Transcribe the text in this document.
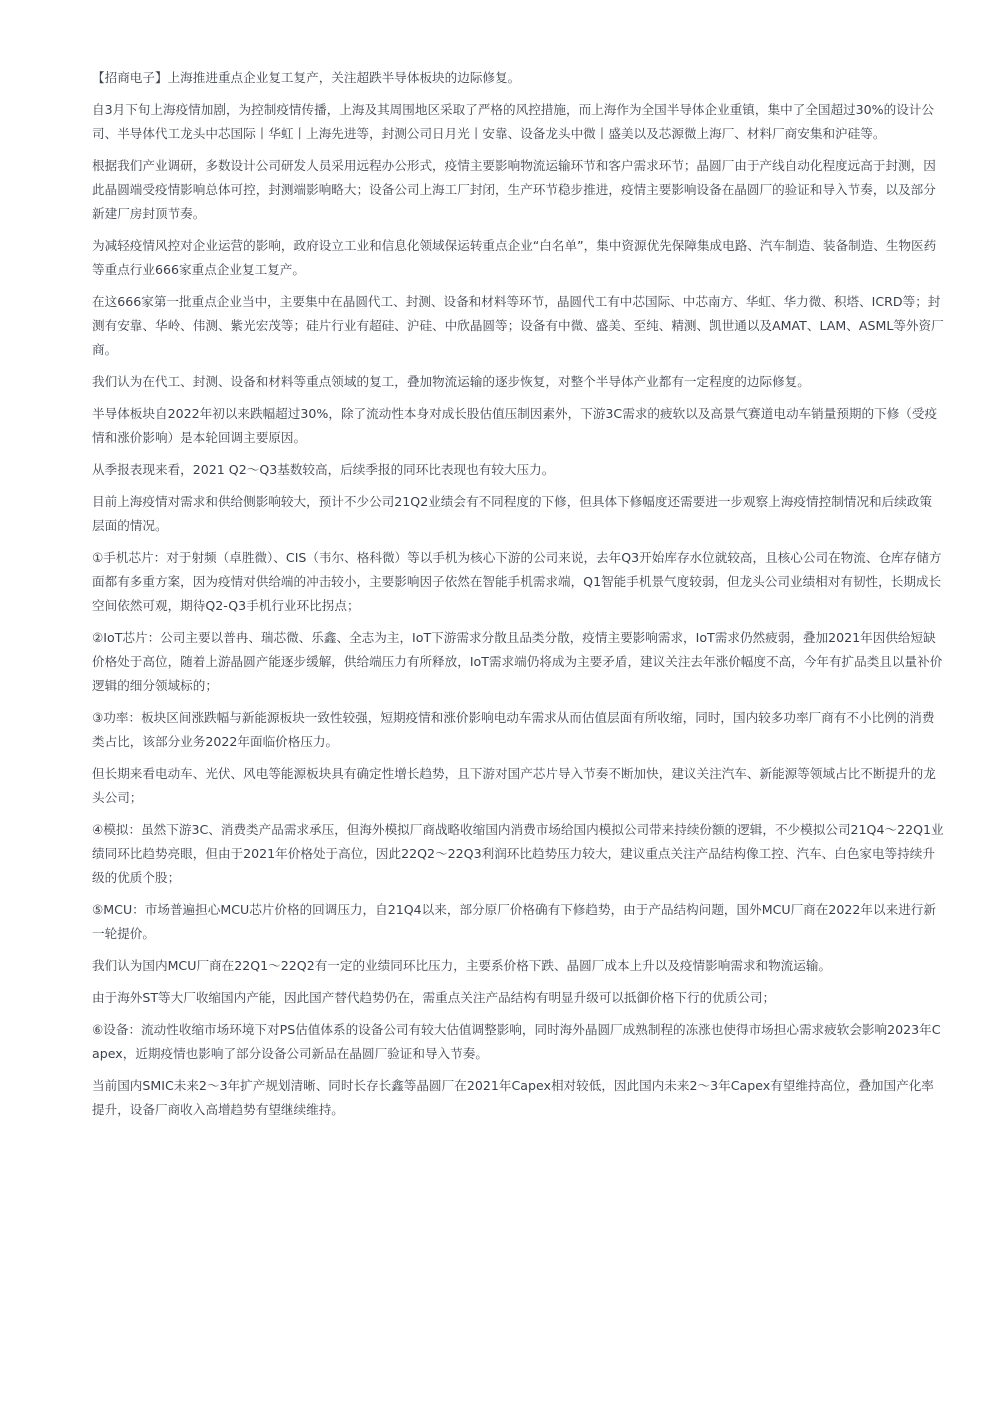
【招商电子】上海推进重点企业复工复产，关注超跌半导体板块的边际修复。

自3月下旬上海疫情加剧，为控制疫情传播，上海及其周围地区采取了严格的风控措施，而上海作为全国半导体企业重镇，集中了全国超过30%的设计公司、半导体代工龙头中芯国际丨华虹丨上海先进等，封测公司日月光丨安靠、设备龙头中微丨盛美以及芯源微上海厂、材料厂商安集和沪硅等。

根据我们产业调研，多数设计公司研发人员采用远程办公形式，疫情主要影响物流运输环节和客户需求环节；晶圆厂由于产线自动化程度远高于封测，因此晶圆端受疫情影响总体可控，封测端影响略大；设备公司上海工厂封闭，生产环节稳步推进，疫情主要影响设备在晶圆厂的验证和导入节奏，以及部分新建厂房封顶节奏。

为减轻疫情风控对企业运营的影响，政府设立工业和信息化领域保运转重点企业“白名单”，集中资源优先保障集成电路、汽车制造、装备制造、生物医药等重点行业666家重点企业复工复产。

在这666家第一批重点企业当中，主要集中在晶圆代工、封测、设备和材料等环节，晶圆代工有中芯国际、中芯南方、华虹、华力微、积塔、ICRD等；封测有安靠、华岭、伟测、紫光宏茂等；硅片行业有超硅、沪硅、中欣晶圆等；设备有中微、盛美、至纯、精测、凯世通以及AMAT、LAM、ASML等外资厂商。

我们认为在代工、封测、设备和材料等重点领域的复工，叠加物流运输的逐步恢复，对整个半导体产业都有一定程度的边际修复。

半导体板块自2022年初以来跌幅超过30%，除了流动性本身对成长股估值压制因素外，下游3C需求的疲软以及高景气赛道电动车销量预期的下修（受疫情和涨价影响）是本轮回调主要原因。

从季报表现来看，2021 Q2～Q3基数较高，后续季报的同环比表现也有较大压力。

目前上海疫情对需求和供给侧影响较大，预计不少公司21Q2业绩会有不同程度的下修，但具体下修幅度还需要进一步观察上海疫情控制情况和后续政策层面的情况。

①手机芯片：对于射频（卓胜微）、CIS（韦尔、格科微）等以手机为核心下游的公司来说，去年Q3开始库存水位就较高，且核心公司在物流、仓库存储方面都有多重方案，因为疫情对供给端的冲击较小，主要影响因子依然在智能手机需求端，Q1智能手机景气度较弱，但龙头公司业绩相对有韧性，长期成长空间依然可观，期待Q2-Q3手机行业环比拐点；

②IoT芯片：公司主要以普冉、瑞芯微、乐鑫、全志为主，IoT下游需求分散且品类分散，疫情主要影响需求，IoT需求仍然疲弱，叠加2021年因供给短缺价格处于高位，随着上游晶圆产能逐步缓解，供给端压力有所释放，IoT需求端仍将成为主要矛盾，建议关注去年涨价幅度不高，今年有扩品类且以量补价逻辑的细分领域标的；

③功率：板块区间涨跌幅与新能源板块一致性较强，短期疫情和涨价影响电动车需求从而估值层面有所收缩，同时，国内较多功率厂商有不小比例的消费类占比，该部分业务2022年面临价格压力。

但长期来看电动车、光伏、风电等能源板块具有确定性增长趋势，且下游对国产芯片导入节奏不断加快，建议关注汽车、新能源等领域占比不断提升的龙头公司；

④模拟：虽然下游3C、消费类产品需求承压，但海外模拟厂商战略收缩国内消费市场给国内模拟公司带来持续份额的逻辑，不少模拟公司21Q4～22Q1业绩同环比趋势亮眼，但由于2021年价格处于高位，因此22Q2～22Q3利润环比趋势压力较大，建议重点关注产品结构像工控、汽车、白色家电等持续升级的优质个股；

⑤MCU：市场普遍担心MCU芯片价格的回调压力，自21Q4以来，部分原厂价格确有下修趋势，由于产品结构问题，国外MCU厂商在2022年以来进行新一轮提价。

我们认为国内MCU厂商在22Q1～22Q2有一定的业绩同环比压力，主要系价格下跌、晶圆厂成本上升以及疫情影响需求和物流运输。

由于海外ST等大厂收缩国内产能，因此国产替代趋势仍在，需重点关注产品结构有明显升级可以抵御价格下行的优质公司；

⑥设备：流动性收缩市场环境下对PS估值体系的设备公司有较大估值调整影响，同时海外晶圆厂成熟制程的冻涨也使得市场担心需求疲软会影响2023年Capex，近期疫情也影响了部分设备公司新品在晶圆厂验证和导入节奏。

当前国内SMIC未来2～3年扩产规划清晰、同时长存长鑫等晶圆厂在2021年Capex相对较低，因此国内未来2～3年Capex有望维持高位，叠加国产化率提升，设备厂商收入高增趋势有望继续维持。
